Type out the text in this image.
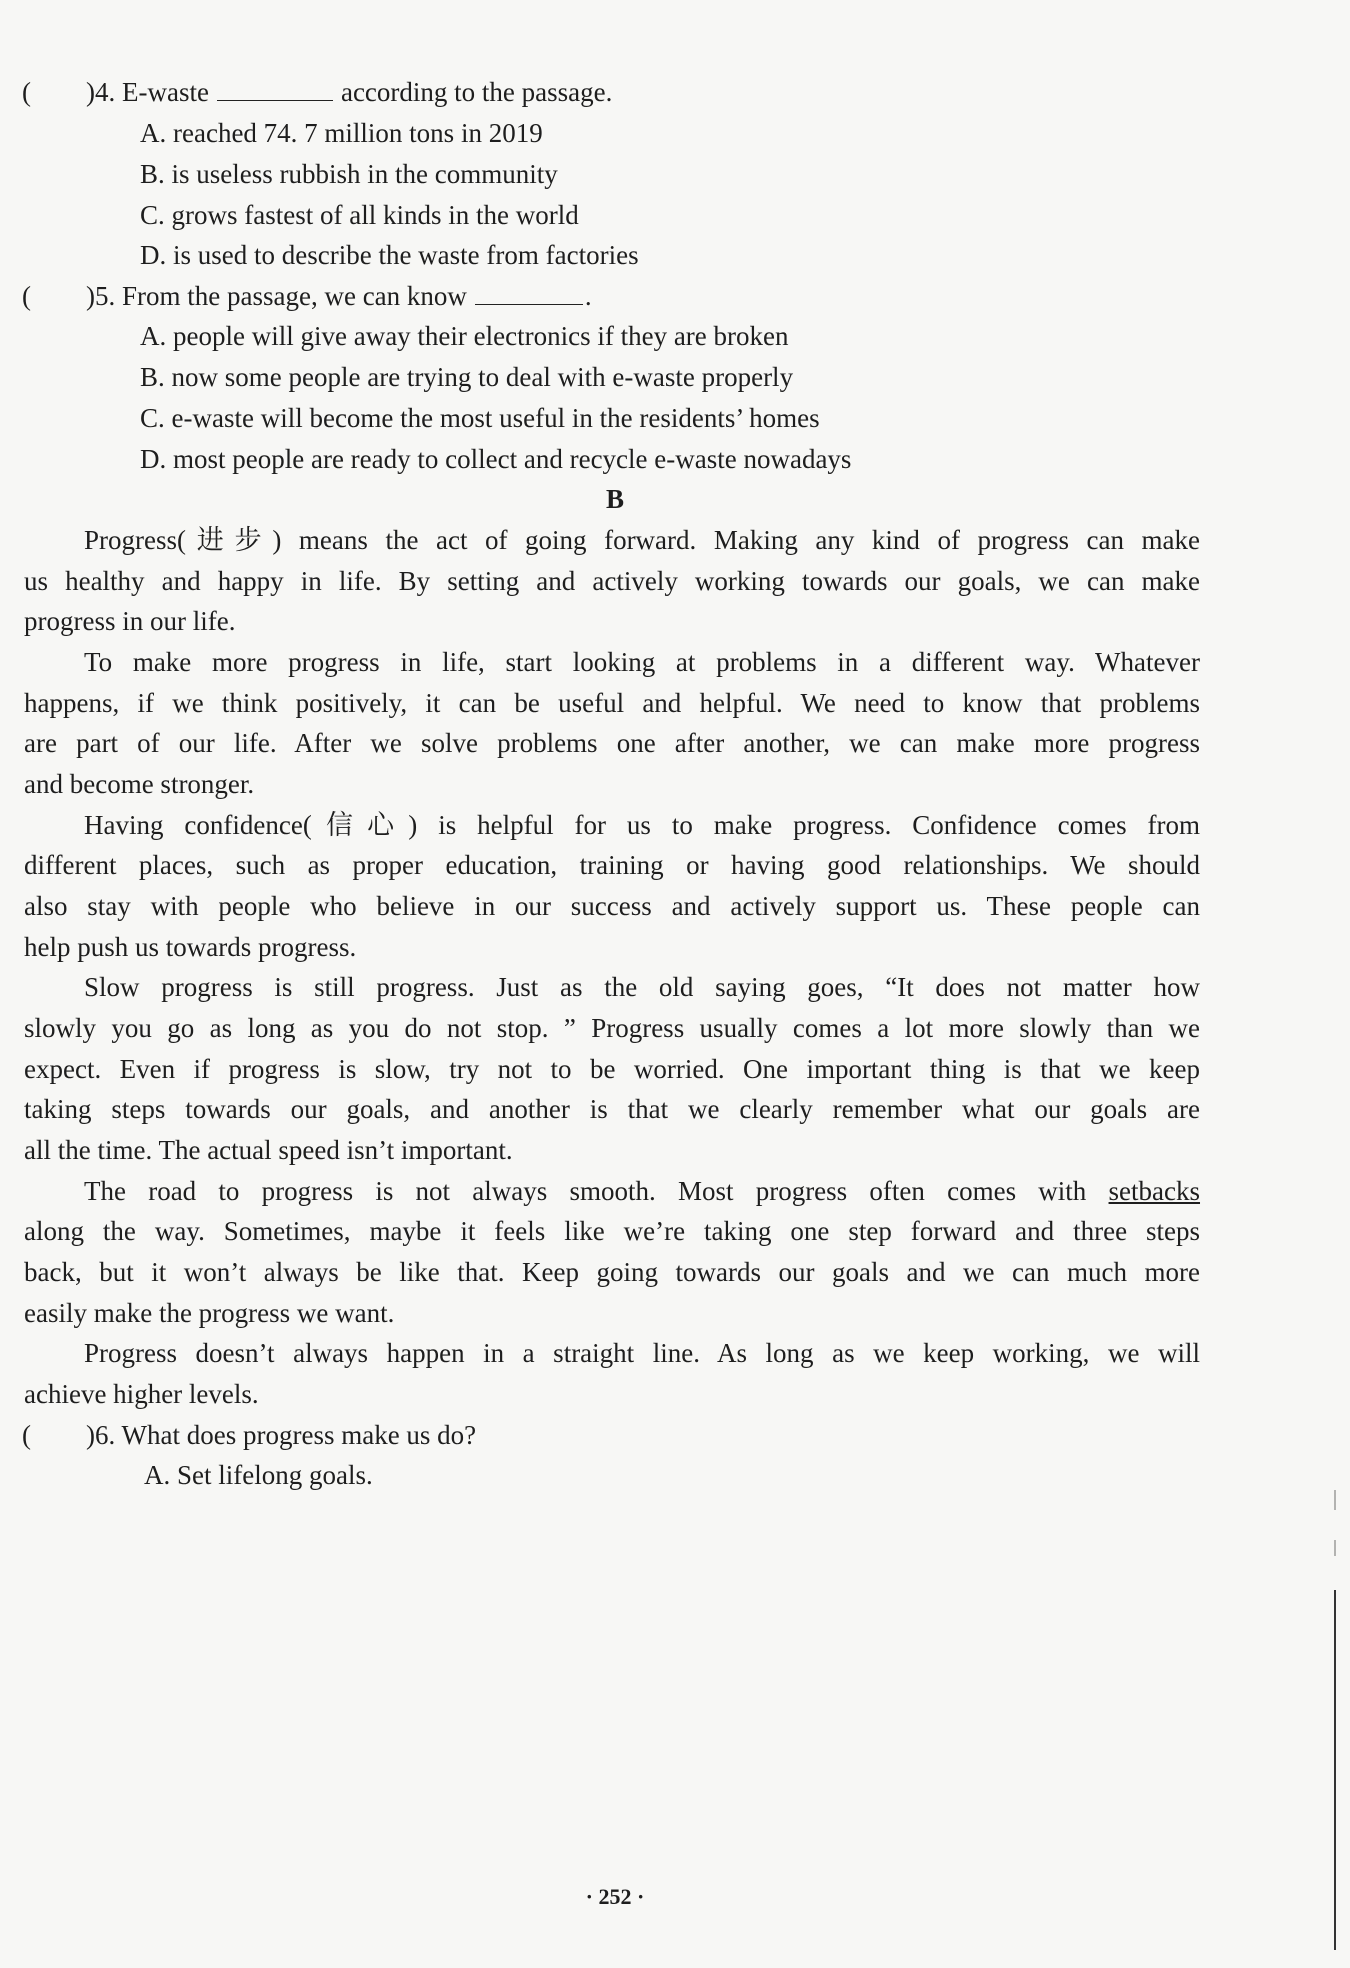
( )4. E-waste	according to the passage.
A. reached 74. 7 million tons in 2019
B. is useless rubbish in the community
C. grows fastest of all kinds in the world
D. is used to describe the waste from factories
( )5. From the passage, we can know	.
A. people will give away their electronics if they are broken
B. now some people are trying to deal with e-waste properly
C. e-waste will become the most useful in the residents’ homes
D. most people are ready to collect and recycle e-waste nowadays
B
Progress(进步) means the act of going forward. Making any kind of progress can make
us healthy and happy in life. By setting and actively working towards our goals, we can make
progress in our life.
To make more progress in life, start looking at problems in a different way. Whatever
happens, if we think positively, it can be useful and helpful. We need to know that problems
are part of our life. After we solve problems one after another, we can make more progress
and become stronger.
Having confidence(信心) is helpful for us to make progress. Confidence comes from
different places, such as proper education, training or having good relationships. We should
also stay with people who believe in our success and actively support us. These people can
help push us towards progress.
Slow progress is still progress. Just as the old saying goes, “It does not matter how
slowly you go as long as you do not stop. ” Progress usually comes a lot more slowly than we
expect. Even if progress is slow, try not to be worried. One important thing is that we keep
taking steps towards our goals, and another is that we clearly remember what our goals are
all the time. The actual speed isn’t important.
The road to progress is not always smooth. Most progress often comes with setbacks
along the way. Sometimes, maybe it feels like we’re taking one step forward and three steps
back, but it won’t always be like that. Keep going towards our goals and we can much more
easily make the progress we want.
Progress doesn’t always happen in a straight line. As long as we keep working, we will
achieve higher levels.
( )6. What does progress make us do?
A. Set lifelong goals.
· 252 ·
